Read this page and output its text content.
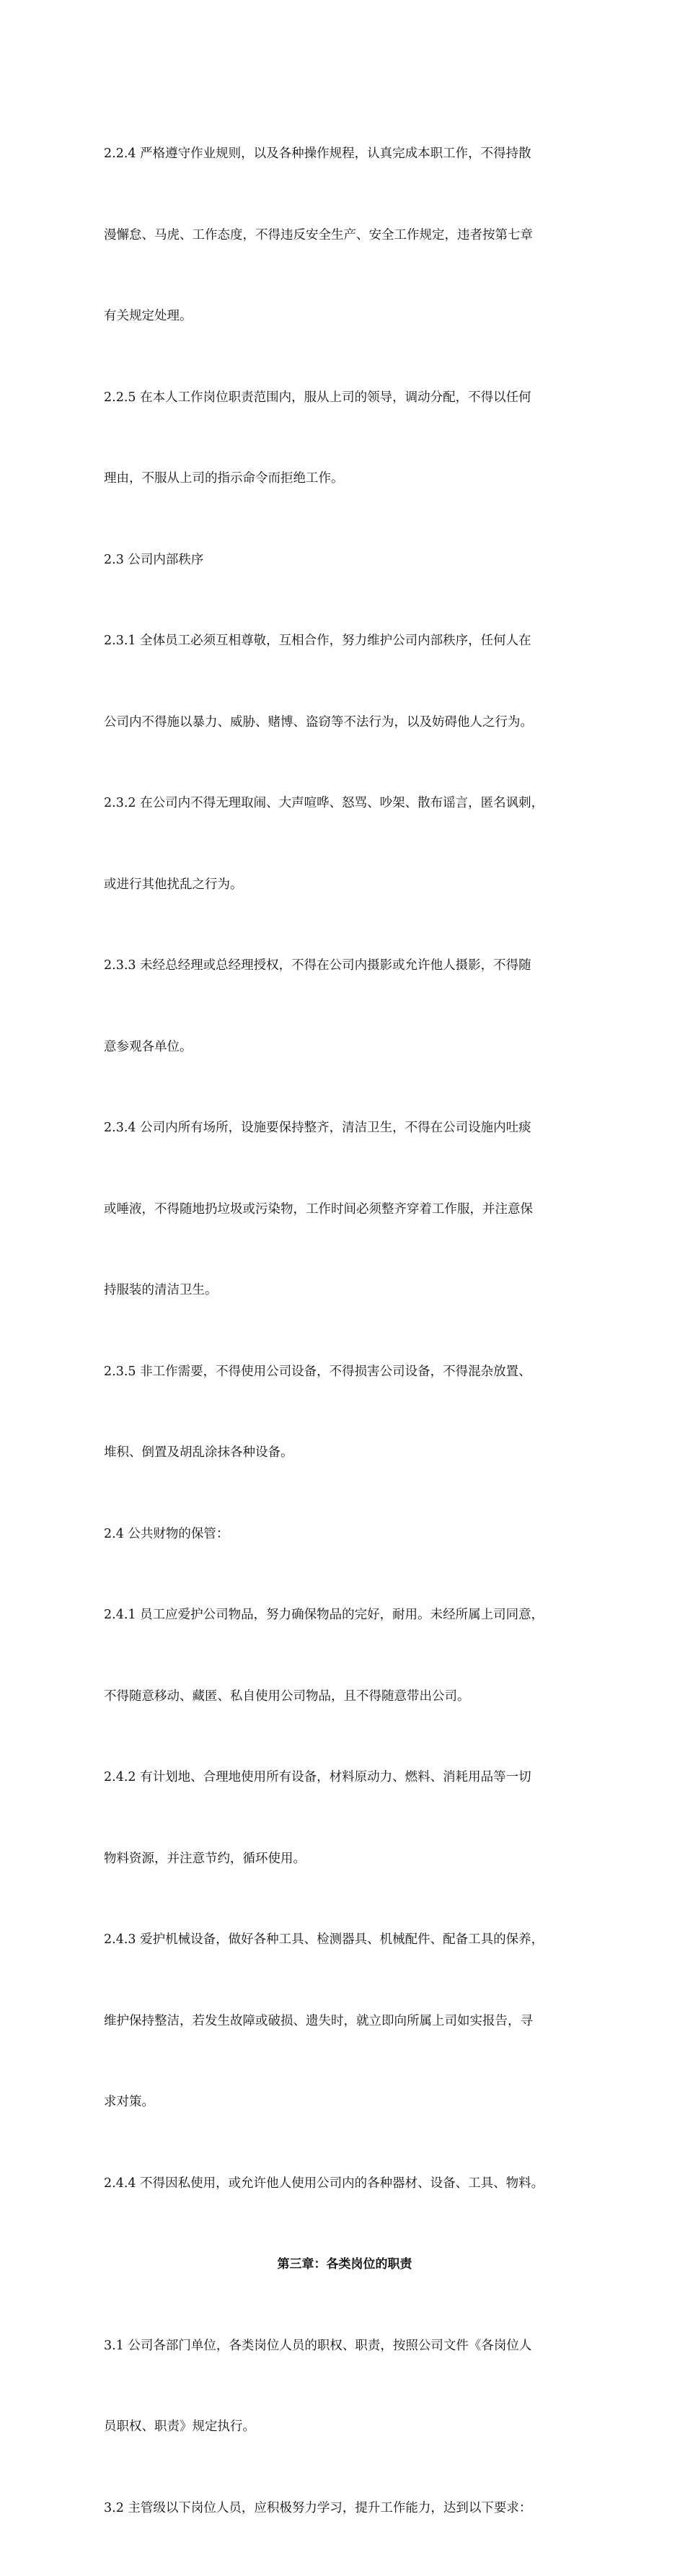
2.2.4 严格遵守作业规则，以及各种操作规程，认真完成本职工作，不得持散

漫懈怠、马虎、工作态度，不得违反安全生产、安全工作规定，违者按第七章

有关规定处理。

2.2.5 在本人工作岗位职责范围内，服从上司的领导，调动分配，不得以任何

理由，不服从上司的指示命令而拒绝工作。

2.3 公司内部秩序

2.3.1 全体员工必须互相尊敬，互相合作，努力维护公司内部秩序，任何人在

公司内不得施以暴力、威胁、赌博、盗窃等不法行为，以及妨碍他人之行为。

2.3.2 在公司内不得无理取闹、大声喧哗、怒骂、吵架、散布谣言，匿名讽刺，

或进行其他扰乱之行为。

2.3.3 未经总经理或总经理授权，不得在公司内摄影或允许他人摄影，不得随

意参观各单位。

2.3.4 公司内所有场所，设施要保持整齐，清洁卫生，不得在公司设施内吐痰

或唾液，不得随地扔垃圾或污染物，工作时间必须整齐穿着工作服，并注意保

持服装的清洁卫生。

2.3.5 非工作需要，不得使用公司设备，不得损害公司设备，不得混杂放置、

堆积、倒置及胡乱涂抹各种设备。

2.4 公共财物的保管：

2.4.1 员工应爱护公司物品，努力确保物品的完好，耐用。未经所属上司同意，

不得随意移动、藏匿、私自使用公司物品，且不得随意带出公司。

2.4.2 有计划地、合理地使用所有设备，材料原动力、燃料、消耗用品等一切

物料资源，并注意节约，循环使用。

2.4.3 爱护机械设备，做好各种工具、检测器具、机械配件、配备工具的保养，

维护保持整洁，若发生故障或破损、遗失时，就立即向所属上司如实报告，寻

求对策。

2.4.4 不得因私使用，或允许他人使用公司内的各种器材、设备、工具、物料。

第三章：各类岗位的职责

3.1 公司各部门单位，各类岗位人员的职权、职责，按照公司文件《各岗位人

员职权、职责》规定执行。

3.2 主管级以下岗位人员，应积极努力学习，提升工作能力，达到以下要求：
